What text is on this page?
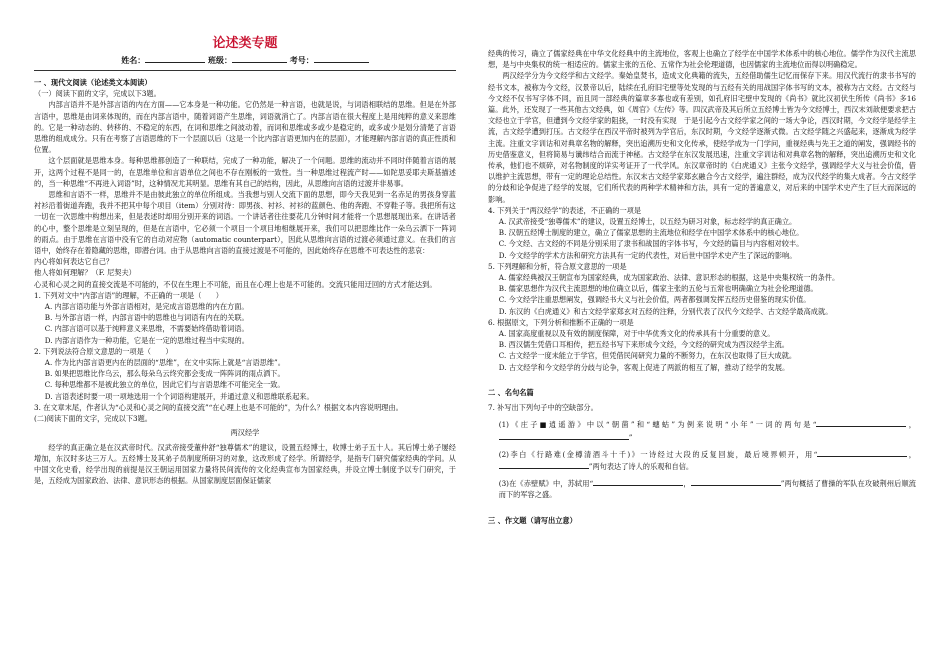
论述类专题
姓名：	班级：	考号：
一 、现代文阅读（论述类文本阅读）

（一）阅读下面的文字，完成以下3题。

内部言语并不是外部言语的内在方面——它本身是一种功能。它仍然是一种言语，也就是说，与词语相联结的思维。但是在外部言语中，思维是由词来体现的，而在内部言语中，随着词语产生思维，词语就消亡了。内部言语在很大程度上是用纯粹的意义来思维的。它是一种动态的、转移的、不稳定的东西，在词和思维之间波动着，而词和思维或多或少是稳定的，或多或少是划分清楚了言语思维的组成成分。只有在考察了言语思维的下一个层面以后（这是一个比内部言语更加内在的层面），才能理解内部言语的真正性质和位置。

这个层面就是思维本身。每种思维都创造了一种联结，完成了一种功能，解决了一个问题。思维的流动并不同时伴随着言语的展开，这两个过程不是同一的，在思维单位和言语单位之间也不存在刚板的一致性。当一种思维过程流产时——如陀思妥耶夫斯基描述的，当一种思维“不再进入词语”时，这种情况尤其明显。思维有其自己的结构，因此，从思维向言语的过渡并非易事。

思维和言语不一样，思维并不是由彼此独立的单位所组成。当我想与别人交流下面的思想，即今天我见到一名赤足的男孩身穿蓝衬衫沿着街道奔跑，我并不把其中每个项目（item）分别对待：即男孩、衬衫、衬衫的蓝颜色、他的奔跑、不穿鞋子等。我把所有这一切在一次思维中构想出来，但是表述时却用分别开来的词语。一个讲话者往往要花几分钟时间才能将一个思想展现出来。在讲话者的心中，整个思维是立刻呈现的，但是在言语中，它必须一个项目一个项目地相继展开来，我们可以把思维比作一朵乌云洒下一阵词的雨点。由于思维在言语中没有它的自动对应物（automatic counterpart），因此从思维向言语的过渡必须通过意义。在我们的言语中，始终存在着隐藏的思维，即潜台词。由于从思维向言语的直接过渡是不可能的，因此始终存在思维不可表达性的悲哀：

内心将如何表达它自己？

他人将如何理解？（F. 尼契夫）

心灵和心灵之间的直接交流是不可能的，不仅在生理上不可能，而且在心理上也是不可能的。交流只能用迂回的方式才能达到。

1. 下列对文中“内部言语”的理解，不正确的一项是（　　）

A. 内部言语功能与外部言语相对，是完成言语思维的内在方面。

B. 与外部言语一样，内部言语中的思维也与词语有内在的关联。

C. 内部言语可以基于纯粹意义来思维，不需要始终借助着词语。

D. 内部言语作为一种功能，它是在一定的思维过程当中实现的。

2. 下列说法符合原文意思的一项是（　　）

A. 作为比内部言语更内在的层面的“思维”，在文中实际上就是“言语思维”。

B. 如果把思维比作乌云，那么每朵乌云终究都会变成一阵阵词的雨点洒下。

C. 每种思维都不是被此独立的单位，因此它们与言语思维不可能完全一致。

D. 言语表述时要一项一项地选用一个个词语构建展开，并通过意义和思维联系起来。

3. 在文章末尾，作者认为“心灵和心灵之间的直接交流”“在心理上也是不可能的”，为什么？根据文本内容说明理由。

(二)阅读下面的文字，完成以下3题。

两汉经学

经学的真正确立是在汉武帝时代。汉武帝接受董仲舒“独尊儒术”的建议，设置五经博士，收博士弟子五十人。其后博士弟子屡经增加，东汉时多达三万人。五经博士及其弟子员制度所研习的对象，这改形成了经学。所谓经学，是指专门研究儒家经典的学问。从中国文化史看，经学出现的前提是汉王朝运用国家力量将民间流传的文化经典宣布为国家经典，并设立博士制度予以专门研究，于是，五经成为国家政治、法律、意识形态的根据。从国家制度层面保证儒家

经典的传习，确立了儒家经典在中华文化经典中的主流地位，客观上也确立了经学在中国学术体系中的核心地位。儒学作为汉代主流思想，是与中央集权的统一相适应的。儒家主张的五伦、五常作为社会伦理道德，也因儒家的主流地位而得以明确稳定。

两汉经学分为今文经学和古文经学。秦始皇焚书，造成文化典籍的流失，五经借助儒生记忆而保存下来。用汉代流行的隶书书写的经书文本，被称为今文经，汉景帝以后，陆续在孔府旧宅壁等处发现的与五经有关的用战国字体书写的文本，被称为古文经。古文经与今文经不仅书写字体不同，而且同一部经典的篇章多寡也或有差别，如孔府旧宅壁中发现的《尚书》就比汉初伏生所传《尚书》多16篇。此外，还发现了一些其他古文经典，如《周官》《左传》等。四汉武帝及其后所立五经博士皆为今文经博士，西汉末刘歆便要求把古文经也立于学官，但遭到今文经学家的阻挠，一时没有实现　于是引起今古文经学家之间的一场大争论，西汉时期，今文经学是经学主流，古文经学遭到打压。古文经学在西汉平帝时被列为学官后，东汉时期，今文经学逐渐式微。古文经学随之兴盛起来，逐渐成为经学主流。注重文字训诂和对典章名物的解释，突出追溯历史和文化传承，使经学成为一门学问，重视经典与先王之道的阐发，强调经书的历史借鉴意义，但将简易与谶纬结合而流于神秘。古文经学在东汉发展迅速，注重文字训诂和对典章名物的解释，突出追溯历史和文化传承，他们也不烦碎，对名物制度的详实考证开了一代学风。东汉章帝时的《白虎通义》主张今文经学，强调经学大义与社会价值，借以维护主流思想，带有一定的理论总结性。东汉末古文经学家郑玄融合今古文经学，遍注群经，成为汉代经学的集大成者。今古文经学的分歧和论争促进了经学的发展，它们所代表的两种学术精神和方法，具有一定的普遍意义，对后来的中国学术史产生了巨大而深远的影响。

4. 下列关于“两汉经学”的表述，不正确的一项是

A. 汉武帝接受“独尊儒术”的建议，设置五经博士，以五经为研习对象，标志经学的真正确立。

B. 汉朝五经博士制度的建立，确立了儒家思想的主流地位和经学在中国学术体系中的核心地位。

C. 今文经、古文经的不同是分别采用了隶书和战国的字体书写，今文经的篇目与内容相对较丰。

D. 今文经学的学术方法和研究方法具有一定的代表性，对后世中国学术史产生了深远的影响。

5. 下列理解和分析，符合原文意思的一项是

A. 儒家经典被汉王朝宣布为国家经典，成为国家政治、法律、意识形态的根据，这是中央集权统一的条件。

B. 儒家思想作为汉代主流思想的地位确立以后，儒家主张的五伦与五常也明确确立为社会伦理道德。

C. 今文经学注重思想阐发，强调经书大义与社会价值，两者都强调发挥五经历史借鉴的现实价值。

D. 东汉的《白虎通义》和古文经学家郑玄对五经的注释，分别代表了汉代今文经学、古文经学最高成就。

6. 根据原文，下列分析和推断不正确的一项是

A. 国家高度重视以及有效的制度保障，对于中华优秀文化的传承具有十分重要的意义。

B. 西汉儒生凭借口耳相传，把五经书写下来形成今文经，今文经的研究成为西汉经学主流。

C. 古文经学一度未能立于学官，但凭借民间研究力量的不断努力，在东汉也取得了巨大成就。

D. 古文经学和今文经学的分歧与论争，客观上促进了两派的相互了解，推动了经学的发展。

二 、名句名篇

7. 补写出下列句子中的空缺部分。

(1)《庄子■逍遥游》中以“朝菌”和“蟪蛄”为例来说明“小年”一词的两句是“	，”

(2)李白《行路难(金樽清酒斗十千)》一诗经过大段的反复回旋，最后境界顿开，用“	，”两句表达了诗人的乐观和自信。

(3)在《赤壁赋》中，苏轼用“	，	”两句概括了曹操的军队在攻破荆州后顺流而下的军容之盛。

三 、作文题（请写出立意）
